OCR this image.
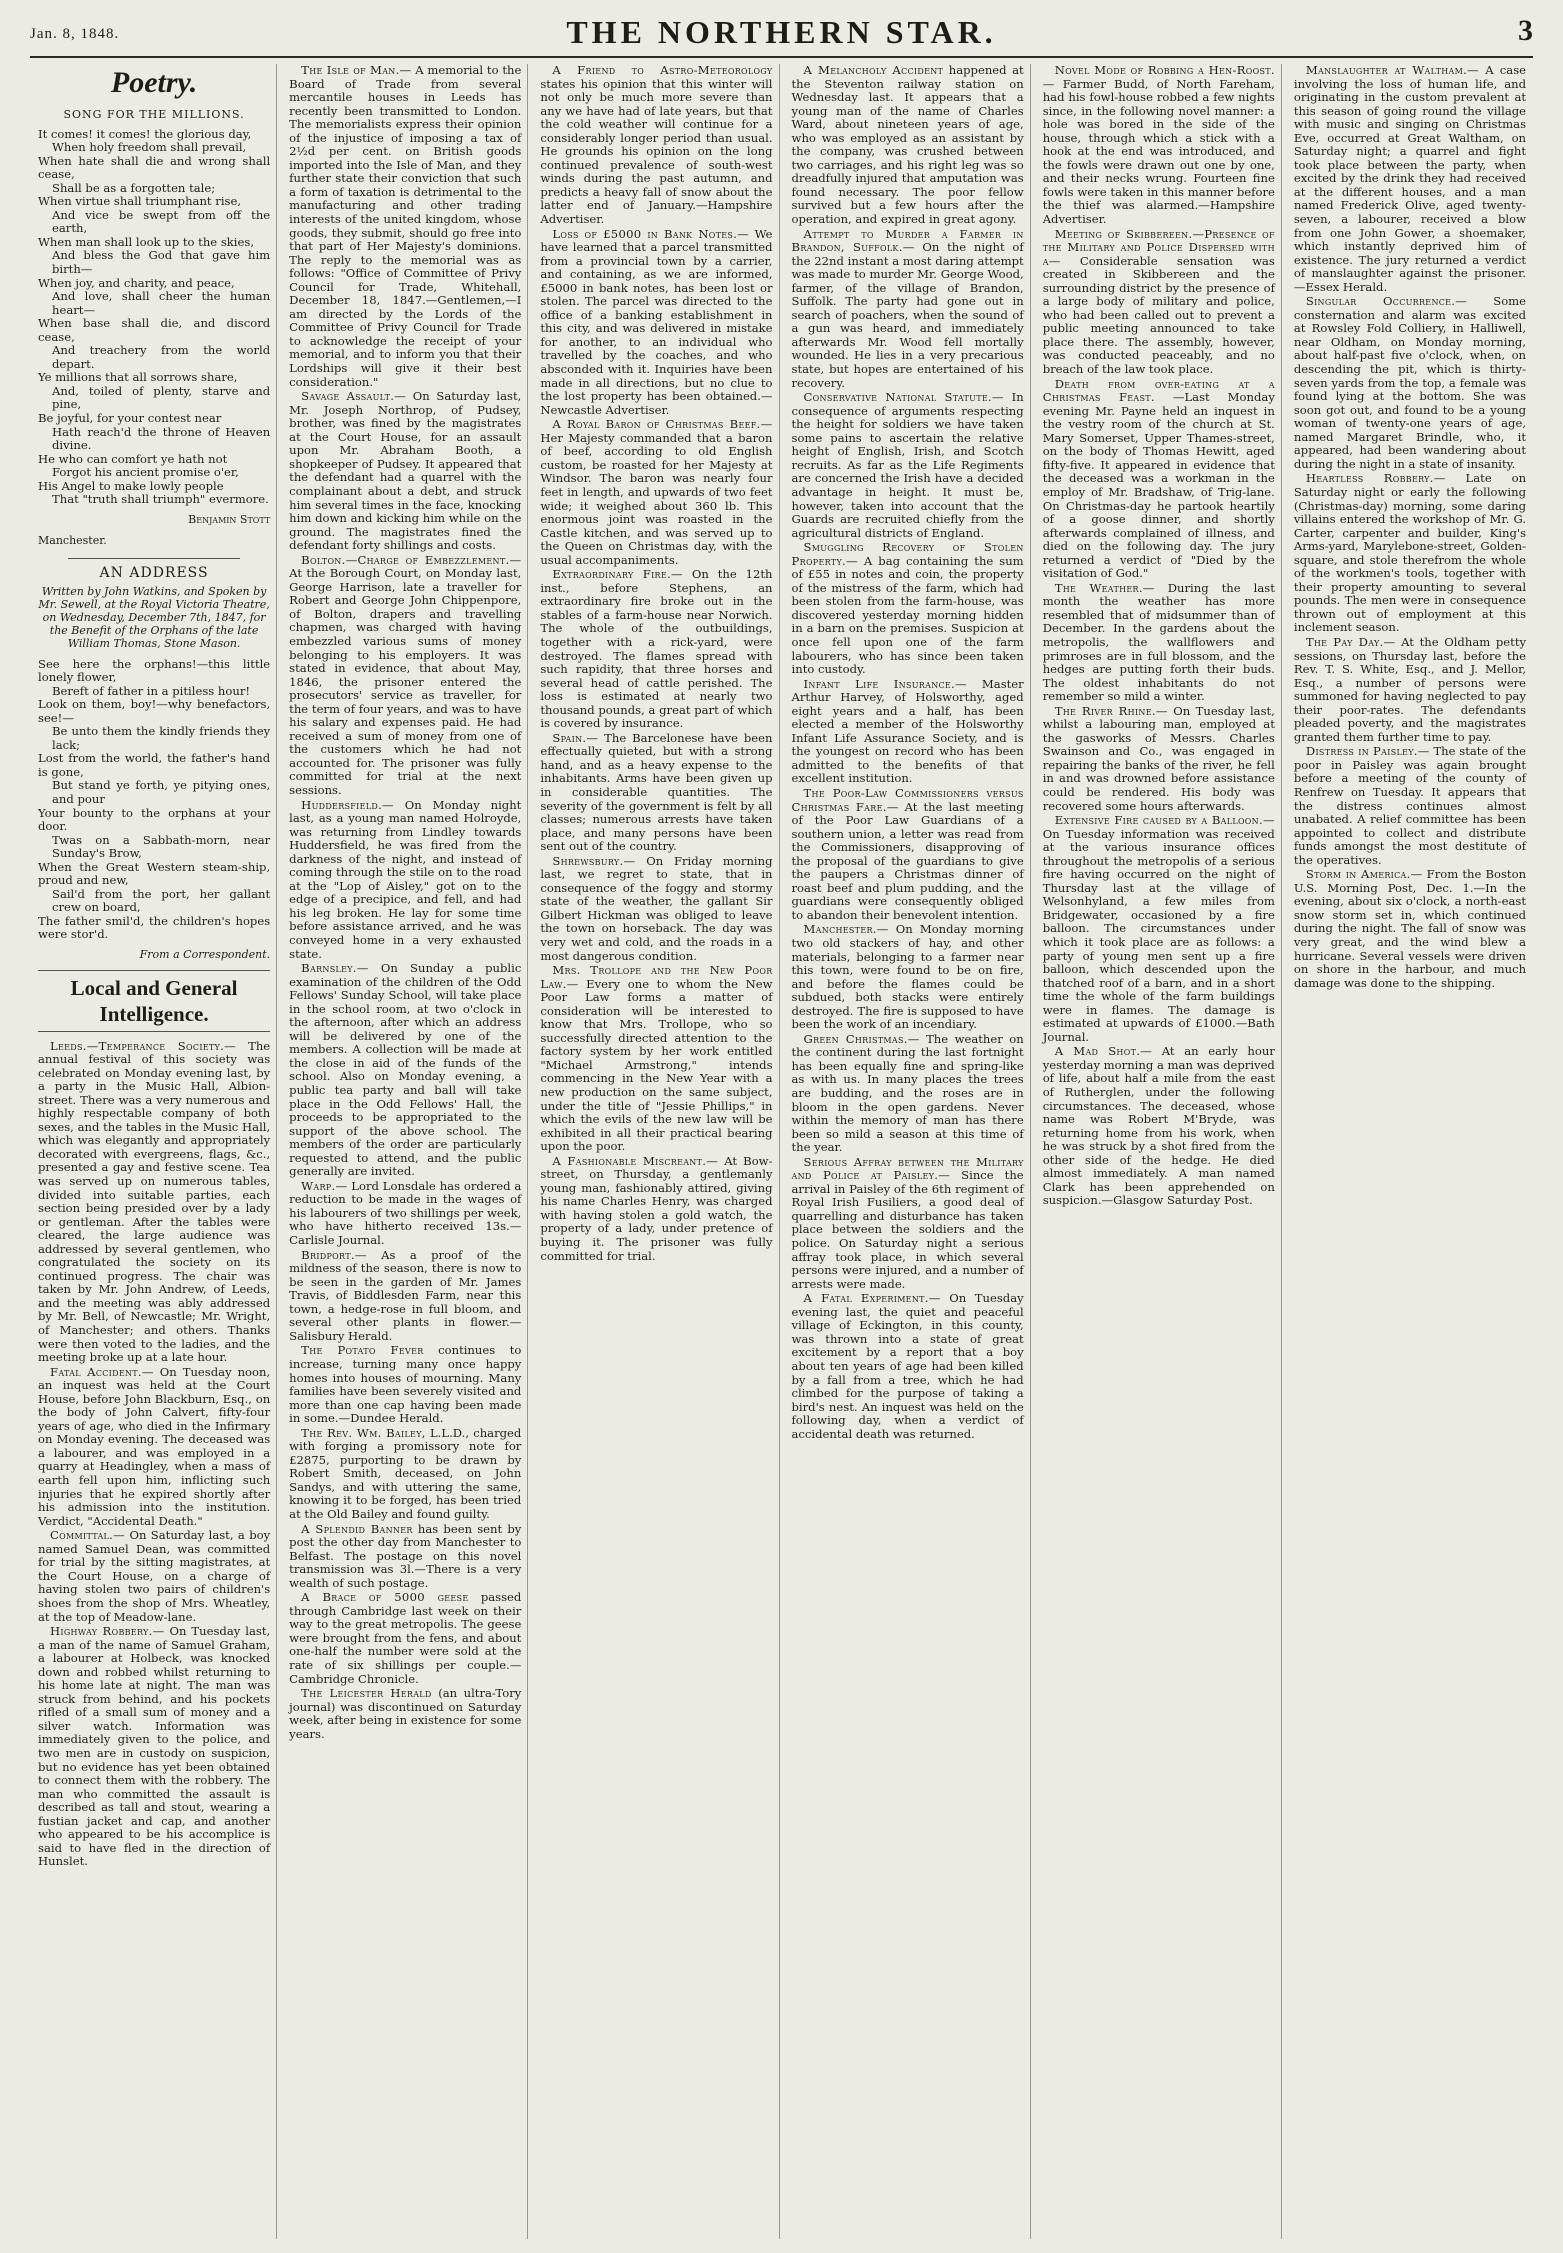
Jan. 8, 1848.	THE NORTHERN STAR.	3
Poetry.
SONG FOR THE MILLIONS.
It comes! it comes! the glorious day,
When holy freedom shall prevail,
When hate shall die and wrong shall cease,
Shall be as a forgotten tale;
When virtue shall triumphant rise,
And vice be swept from off the earth,
When man shall look up to the skies,
And bless the God that gave him birth—
When joy, and charity, and peace,
And love, shall cheer the human heart—
When base shall die, and discord cease,
And treachery from the world depart.
Ye millions that all sorrows share,
And, toiled of plenty, starve and pine,
Be joyful, for your contest near
Hath reach'd the throne of Heaven divine.
He who can comfort ye hath not
Forgot his ancient promise o'er,
His Angel to make lowly people
That "truth shall triumph" evermore.
Benjamin Stott
Manchester.
AN ADDRESS
Written by John Watkins, and Spoken by Mr. Sewell, at the Royal Victoria Theatre, on Wednesday, December 7th, 1847, for the Benefit of the Orphans of the late William Thomas, Stone Mason.
See here the orphans!—this little lonely flower,
Bereft of father in a pitiless hour!
Look on them, boy!—why benefactors, see!—
Be unto them the kindly friends they lack;
Lost from the world, the father's hand is gone,
But stand ye forth, ye pitying ones, and pour
Your bounty to the orphans at your door.
Twas on a Sabbath-morn, near Sunday's Brow,
When the Great Western steam-ship, proud and new,
Sail'd from the port, her gallant crew on board,
The father smil'd, the children's hopes were stor'd.
From a Correspondent.
Local and General Intelligence.

Leeds.—Temperance Society.— The annual festival of this society was celebrated on Monday evening last, by a party in the Music Hall, Albion-street. There was a very numerous and highly respectable company of both sexes, and the tables in the Music Hall, which was elegantly and appropriately decorated with evergreens, flags, &c., presented a gay and festive scene. Tea was served up on numerous tables, divided into suitable parties, each section being presided over by a lady or gentleman. After the tables were cleared, the large audience was addressed by several gentlemen, who congratulated the society on its continued progress. The chair was taken by Mr. John Andrew, of Leeds, and the meeting was ably addressed by Mr. Bell, of Newcastle; Mr. Wright, of Manchester; and others. Thanks were then voted to the ladies, and the meeting broke up at a late hour.

Fatal Accident.— On Tuesday noon, an inquest was held at the Court House, before John Blackburn, Esq., on the body of John Calvert, fifty-four years of age, who died in the Infirmary on Monday evening. The deceased was a labourer, and was employed in a quarry at Headingley, when a mass of earth fell upon him, inflicting such injuries that he expired shortly after his admission into the institution. Verdict, "Accidental Death."

Committal.— On Saturday last, a boy named Samuel Dean, was committed for trial by the sitting magistrates, at the Court House, on a charge of having stolen two pairs of children's shoes from the shop of Mrs. Wheatley, at the top of Meadow-lane.

Highway Robbery.— On Tuesday last, a man of the name of Samuel Graham, a labourer at Holbeck, was knocked down and robbed whilst returning to his home late at night. The man was struck from behind, and his pockets rifled of a small sum of money and a silver watch. Information was immediately given to the police, and two men are in custody on suspicion, but no evidence has yet been obtained to connect them with the robbery. The man who committed the assault is described as tall and stout, wearing a fustian jacket and cap, and another who appeared to be his accomplice is said to have fled in the direction of Hunslet.

The Isle of Man.— A memorial to the Board of Trade from several mercantile houses in Leeds has recently been transmitted to London. The memorialists express their opinion of the injustice of imposing a tax of 2½d per cent. on British goods imported into the Isle of Man, and they further state their conviction that such a form of taxation is detrimental to the manufacturing and other trading interests of the united kingdom, whose goods, they submit, should go free into that part of Her Majesty's dominions. The reply to the memorial was as follows: "Office of Committee of Privy Council for Trade, Whitehall, December 18, 1847.—Gentlemen,—I am directed by the Lords of the Committee of Privy Council for Trade to acknowledge the receipt of your memorial, and to inform you that their Lordships will give it their best consideration."

Savage Assault.— On Saturday last, Mr. Joseph Northrop, of Pudsey, brother, was fined by the magistrates at the Court House, for an assault upon Mr. Abraham Booth, a shopkeeper of Pudsey. It appeared that the defendant had a quarrel with the complainant about a debt, and struck him several times in the face, knocking him down and kicking him while on the ground. The magistrates fined the defendant forty shillings and costs.

Bolton.—Charge of Embezzlement.— At the Borough Court, on Monday last, George Harrison, late a traveller for Robert and George John Chippenpore, of Bolton, drapers and travelling chapmen, was charged with having embezzled various sums of money belonging to his employers. It was stated in evidence, that about May, 1846, the prisoner entered the prosecutors' service as traveller, for the term of four years, and was to have his salary and expenses paid. He had received a sum of money from one of the customers which he had not accounted for. The prisoner was fully committed for trial at the next sessions.

Huddersfield.— On Monday night last, as a young man named Holroyde, was returning from Lindley towards Huddersfield, he was fired from the darkness of the night, and instead of coming through the stile on to the road at the "Lop of Aisley," got on to the edge of a precipice, and fell, and had his leg broken. He lay for some time before assistance arrived, and he was conveyed home in a very exhausted state.

Barnsley.— On Sunday a public examination of the children of the Odd Fellows' Sunday School, will take place in the school room, at two o'clock in the afternoon, after which an address will be delivered by one of the members. A collection will be made at the close in aid of the funds of the school. Also on Monday evening, a public tea party and ball will take place in the Odd Fellows' Hall, the proceeds to be appropriated to the support of the above school. The members of the order are particularly requested to attend, and the public generally are invited.

Warp.— Lord Lonsdale has ordered a reduction to be made in the wages of his labourers of two shillings per week, who have hitherto received 13s.—Carlisle Journal.

Bridport.— As a proof of the mildness of the season, there is now to be seen in the garden of Mr. James Travis, of Biddlesden Farm, near this town, a hedge-rose in full bloom, and several other plants in flower.—Salisbury Herald.

The Potato Fever continues to increase, turning many once happy homes into houses of mourning. Many families have been severely visited and more than one cap having been made in some.—Dundee Herald.

The Rev. Wm. Bailey, L.L.D., charged with forging a promissory note for £2875, purporting to be drawn by Robert Smith, deceased, on John Sandys, and with uttering the same, knowing it to be forged, has been tried at the Old Bailey and found guilty.

A Splendid Banner has been sent by post the other day from Manchester to Belfast. The postage on this novel transmission was 3l.—There is a very wealth of such postage.

A Brace of 5000 geese passed through Cambridge last week on their way to the great metropolis. The geese were brought from the fens, and about one-half the number were sold at the rate of six shillings per couple.—Cambridge Chronicle.

The Leicester Herald (an ultra-Tory journal) was discontinued on Saturday week, after being in existence for some years.

A Friend to Astro-Meteorology states his opinion that this winter will not only be much more severe than any we have had of late years, but that the cold weather will continue for a considerably longer period than usual. He grounds his opinion on the long continued prevalence of south-west winds during the past autumn, and predicts a heavy fall of snow about the latter end of January.—Hampshire Advertiser.

Loss of £5000 in Bank Notes.— We have learned that a parcel transmitted from a provincial town by a carrier, and containing, as we are informed, £5000 in bank notes, has been lost or stolen. The parcel was directed to the office of a banking establishment in this city, and was delivered in mistake for another, to an individual who travelled by the coaches, and who absconded with it. Inquiries have been made in all directions, but no clue to the lost property has been obtained.—Newcastle Advertiser.

A Royal Baron of Christmas Beef.— Her Majesty commanded that a baron of beef, according to old English custom, be roasted for her Majesty at Windsor. The baron was nearly four feet in length, and upwards of two feet wide; it weighed about 360 lb. This enormous joint was roasted in the Castle kitchen, and was served up to the Queen on Christmas day, with the usual accompaniments.

Extraordinary Fire.— On the 12th inst., before Stephens, an extraordinary fire broke out in the stables of a farm-house near Norwich. The whole of the outbuildings, together with a rick-yard, were destroyed. The flames spread with such rapidity, that three horses and several head of cattle perished. The loss is estimated at nearly two thousand pounds, a great part of which is covered by insurance.

Spain.— The Barcelonese have been effectually quieted, but with a strong hand, and as a heavy expense to the inhabitants. Arms have been given up in considerable quantities. The severity of the government is felt by all classes; numerous arrests have taken place, and many persons have been sent out of the country.

Shrewsbury.— On Friday morning last, we regret to state, that in consequence of the foggy and stormy state of the weather, the gallant Sir Gilbert Hickman was obliged to leave the town on horseback. The day was very wet and cold, and the roads in a most dangerous condition.

Mrs. Trollope and the New Poor Law.— Every one to whom the New Poor Law forms a matter of consideration will be interested to know that Mrs. Trollope, who so successfully directed attention to the factory system by her work entitled "Michael Armstrong," intends commencing in the New Year with a new production on the same subject, under the title of "Jessie Phillips," in which the evils of the new law will be exhibited in all their practical bearing upon the poor.

A Fashionable Miscreant.— At Bow-street, on Thursday, a gentlemanly young man, fashionably attired, giving his name Charles Henry, was charged with having stolen a gold watch, the property of a lady, under pretence of buying it. The prisoner was fully committed for trial.

A Melancholy Accident happened at the Steventon railway station on Wednesday last. It appears that a young man of the name of Charles Ward, about nineteen years of age, who was employed as an assistant by the company, was crushed between two carriages, and his right leg was so dreadfully injured that amputation was found necessary. The poor fellow survived but a few hours after the operation, and expired in great agony.

Attempt to Murder a Farmer in Brandon, Suffolk.— On the night of the 22nd instant a most daring attempt was made to murder Mr. George Wood, farmer, of the village of Brandon, Suffolk. The party had gone out in search of poachers, when the sound of a gun was heard, and immediately afterwards Mr. Wood fell mortally wounded. He lies in a very precarious state, but hopes are entertained of his recovery.

Conservative National Statute.— In consequence of arguments respecting the height for soldiers we have taken some pains to ascertain the relative height of English, Irish, and Scotch recruits. As far as the Life Regiments are concerned the Irish have a decided advantage in height. It must be, however, taken into account that the Guards are recruited chiefly from the agricultural districts of England.

Smuggling Recovery of Stolen Property.— A bag containing the sum of £55 in notes and coin, the property of the mistress of the farm, which had been stolen from the farm-house, was discovered yesterday morning hidden in a barn on the premises. Suspicion at once fell upon one of the farm labourers, who has since been taken into custody.

Infant Life Insurance.— Master Arthur Harvey, of Holsworthy, aged eight years and a half, has been elected a member of the Holsworthy Infant Life Assurance Society, and is the youngest on record who has been admitted to the benefits of that excellent institution.

The Poor-Law Commissioners versus Christmas Fare.— At the last meeting of the Poor Law Guardians of a southern union, a letter was read from the Commissioners, disapproving of the proposal of the guardians to give the paupers a Christmas dinner of roast beef and plum pudding, and the guardians were consequently obliged to abandon their benevolent intention.

Manchester.— On Monday morning two old stackers of hay, and other materials, belonging to a farmer near this town, were found to be on fire, and before the flames could be subdued, both stacks were entirely destroyed. The fire is supposed to have been the work of an incendiary.

Green Christmas.— The weather on the continent during the last fortnight has been equally fine and spring-like as with us. In many places the trees are budding, and the roses are in bloom in the open gardens. Never within the memory of man has there been so mild a season at this time of the year.

Serious Affray between the Military and Police at Paisley.— Since the arrival in Paisley of the 6th regiment of Royal Irish Fusiliers, a good deal of quarrelling and disturbance has taken place between the soldiers and the police. On Saturday night a serious affray took place, in which several persons were injured, and a number of arrests were made.

A Fatal Experiment.— On Tuesday evening last, the quiet and peaceful village of Eckington, in this county, was thrown into a state of great excitement by a report that a boy about ten years of age had been killed by a fall from a tree, which he had climbed for the purpose of taking a bird's nest. An inquest was held on the following day, when a verdict of accidental death was returned.

Novel Mode of Robbing a Hen-Roost.— Farmer Budd, of North Fareham, had his fowl-house robbed a few nights since, in the following novel manner: a hole was bored in the side of the house, through which a stick with a hook at the end was introduced, and the fowls were drawn out one by one, and their necks wrung. Fourteen fine fowls were taken in this manner before the thief was alarmed.—Hampshire Advertiser.

Meeting of Skibbereen.—Presence of the Military and Police Dispersed with a— Considerable sensation was created in Skibbereen and the surrounding district by the presence of a large body of military and police, who had been called out to prevent a public meeting announced to take place there. The assembly, however, was conducted peaceably, and no breach of the law took place.

Death from over-eating at a Christmas Feast. —Last Monday evening Mr. Payne held an inquest in the vestry room of the church at St. Mary Somerset, Upper Thames-street, on the body of Thomas Hewitt, aged fifty-five. It appeared in evidence that the deceased was a workman in the employ of Mr. Bradshaw, of Trig-lane. On Christmas-day he partook heartily of a goose dinner, and shortly afterwards complained of illness, and died on the following day. The jury returned a verdict of "Died by the visitation of God."

The Weather.— During the last month the weather has more resembled that of midsummer than of December. In the gardens about the metropolis, the wallflowers and primroses are in full blossom, and the hedges are putting forth their buds. The oldest inhabitants do not remember so mild a winter.

The River Rhine.— On Tuesday last, whilst a labouring man, employed at the gasworks of Messrs. Charles Swainson and Co., was engaged in repairing the banks of the river, he fell in and was drowned before assistance could be rendered. His body was recovered some hours afterwards.

Extensive Fire caused by a Balloon.— On Tuesday information was received at the various insurance offices throughout the metropolis of a serious fire having occurred on the night of Thursday last at the village of Welsonhyland, a few miles from Bridgewater, occasioned by a fire balloon. The circumstances under which it took place are as follows: a party of young men sent up a fire balloon, which descended upon the thatched roof of a barn, and in a short time the whole of the farm buildings were in flames. The damage is estimated at upwards of £1000.—Bath Journal.

A Mad Shot.— At an early hour yesterday morning a man was deprived of life, about half a mile from the east of Rutherglen, under the following circumstances. The deceased, whose name was Robert M'Bryde, was returning home from his work, when he was struck by a shot fired from the other side of the hedge. He died almost immediately. A man named Clark has been apprehended on suspicion.—Glasgow Saturday Post.

Manslaughter at Waltham.— A case involving the loss of human life, and originating in the custom prevalent at this season of going round the village with music and singing on Christmas Eve, occurred at Great Waltham, on Saturday night; a quarrel and fight took place between the party, when excited by the drink they had received at the different houses, and a man named Frederick Olive, aged twenty-seven, a labourer, received a blow from one John Gower, a shoemaker, which instantly deprived him of existence. The jury returned a verdict of manslaughter against the prisoner.—Essex Herald.

Singular Occurrence.— Some consternation and alarm was excited at Rowsley Fold Colliery, in Halliwell, near Oldham, on Monday morning, about half-past five o'clock, when, on descending the pit, which is thirty-seven yards from the top, a female was found lying at the bottom. She was soon got out, and found to be a young woman of twenty-one years of age, named Margaret Brindle, who, it appeared, had been wandering about during the night in a state of insanity.

Heartless Robbery.— Late on Saturday night or early the following (Christmas-day) morning, some daring villains entered the workshop of Mr. G. Carter, carpenter and builder, King's Arms-yard, Marylebone-street, Golden-square, and stole therefrom the whole of the workmen's tools, together with their property amounting to several pounds. The men were in consequence thrown out of employment at this inclement season.

The Pay Day.— At the Oldham petty sessions, on Thursday last, before the Rev. T. S. White, Esq., and J. Mellor, Esq., a number of persons were summoned for having neglected to pay their poor-rates. The defendants pleaded poverty, and the magistrates granted them further time to pay.

Distress in Paisley.— The state of the poor in Paisley was again brought before a meeting of the county of Renfrew on Tuesday. It appears that the distress continues almost unabated. A relief committee has been appointed to collect and distribute funds amongst the most destitute of the operatives.

Storm in America.— From the Boston U.S. Morning Post, Dec. 1.—In the evening, about six o'clock, a north-east snow storm set in, which continued during the night. The fall of snow was very great, and the wind blew a hurricane. Several vessels were driven on shore in the harbour, and much damage was done to the shipping.
